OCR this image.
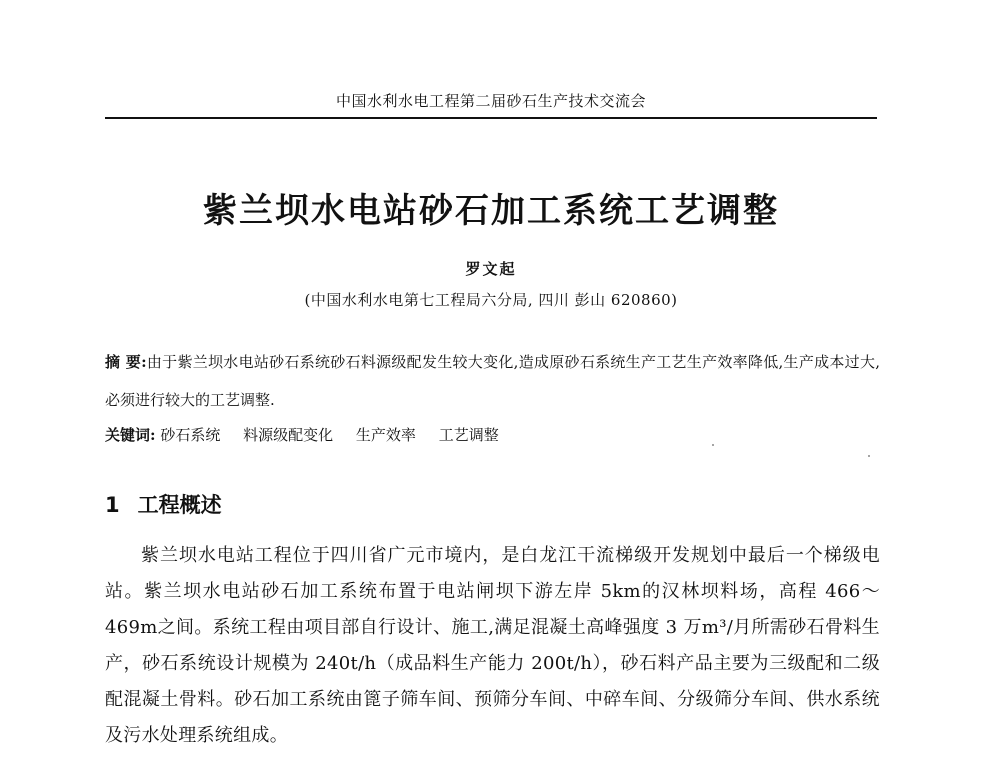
中国水利水电工程第二届砂石生产技术交流会
紫兰坝水电站砂石加工系统工艺调整
罗文起
(中国水利水电第七工程局六分局, 四川 彭山 620860)
摘 要:由于紫兰坝水电站砂石系统砂石料源级配发生较大变化,造成原砂石系统生产工艺生产效率降低,生产成本过大,必须进行较大的工艺调整.
关键词: 砂石系统 料源级配变化 生产效率 工艺调整
1 工程概述

紫兰坝水电站工程位于四川省广元市境内，是白龙江干流梯级开发规划中最后一个梯级电站。紫兰坝水电站砂石加工系统布置于电站闸坝下游左岸 5km的汉林坝料场，高程 466～469m之间。系统工程由项目部自行设计、施工,满足混凝土高峰强度 3 万m³/月所需砂石骨料生产，砂石系统设计规模为 240t/h（成品料生产能力 200t/h），砂石料产品主要为三级配和二级配混凝土骨料。砂石加工系统由篦子筛车间、预筛分车间、中碎车间、分级筛分车间、供水系统及污水处理系统组成。
